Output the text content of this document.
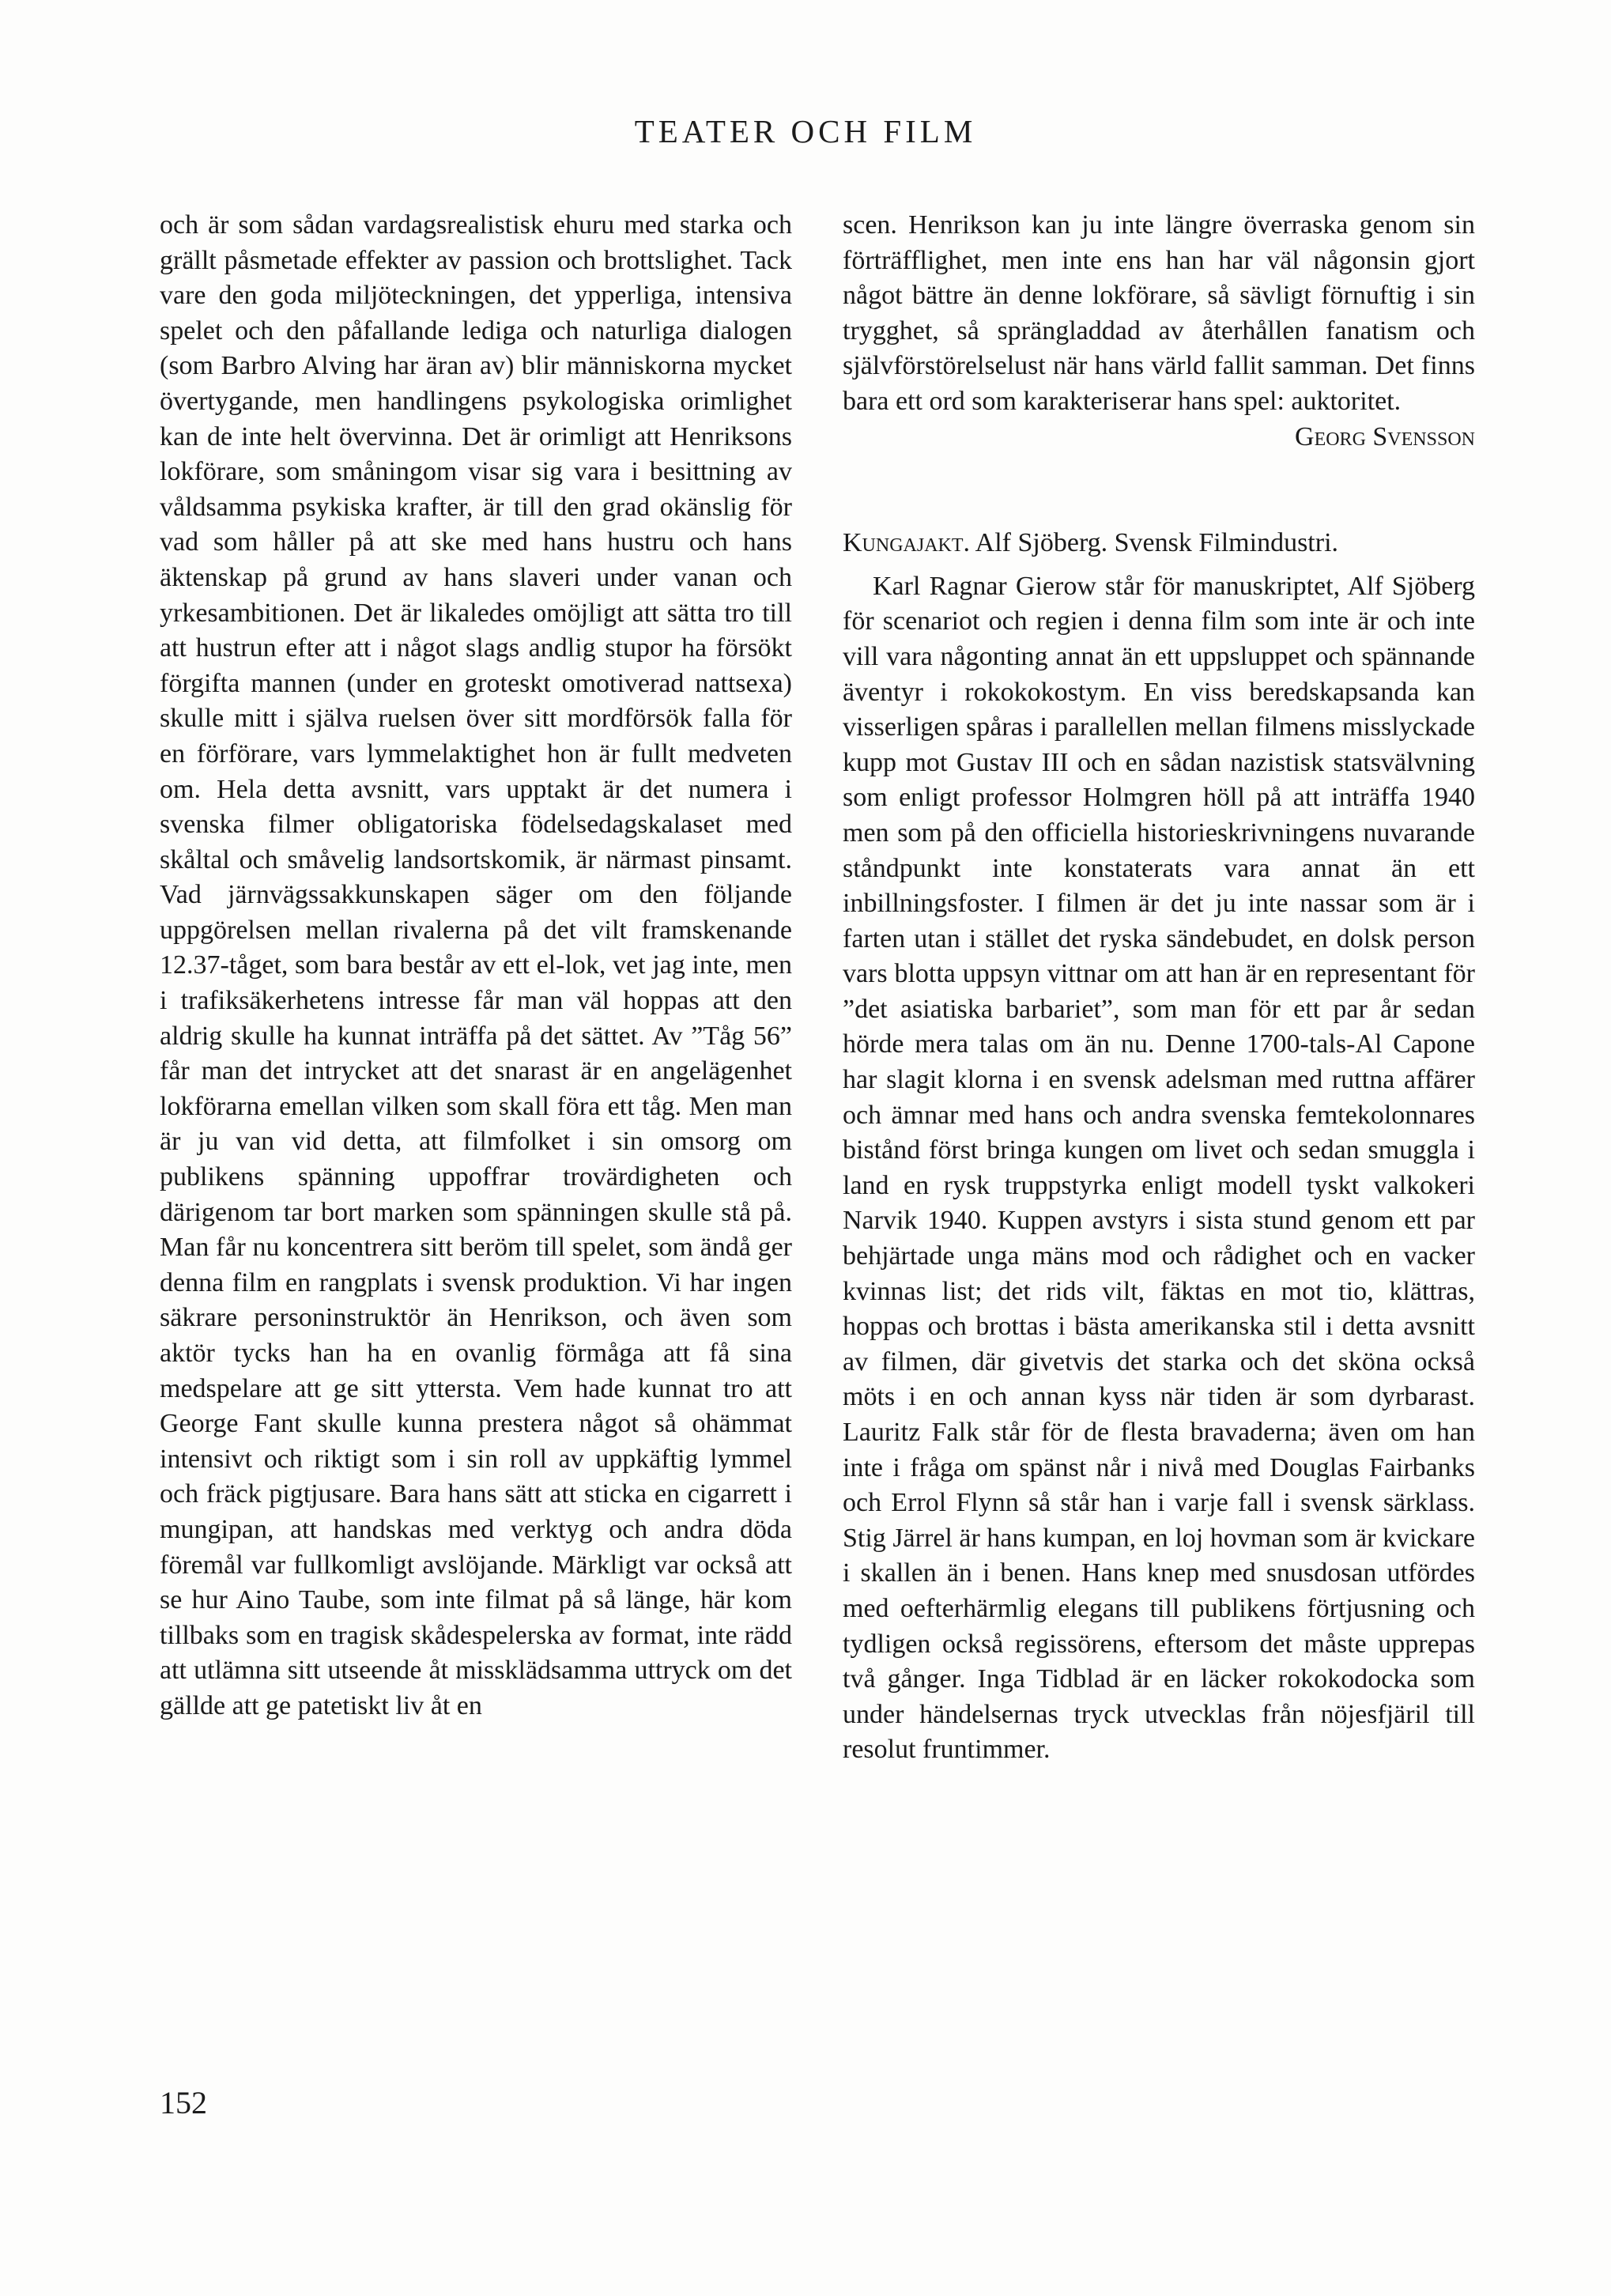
TEATER OCH FILM

och är som sådan vardagsrealistisk ehuru med starka och grällt påsmetade effekter av passion och brottslighet. Tack vare den goda miljöteckningen, det ypperliga, intensiva spelet och den påfallande lediga och naturliga dialogen (som Barbro Alving har äran av) blir människorna mycket övertygande, men handlingens psykologiska orimlighet kan de inte helt övervinna. Det är orimligt att Henriksons lokförare, som småningom visar sig vara i besittning av våldsamma psykiska krafter, är till den grad okänslig för vad som håller på att ske med hans hustru och hans äktenskap på grund av hans slaveri under vanan och yrkesambitionen. Det är likaledes omöjligt att sätta tro till att hustrun efter att i något slags andlig stupor ha försökt förgifta mannen (under en groteskt omotiverad nattsexa) skulle mitt i själva ruelsen över sitt mordförsök falla för en förförare, vars lymmelaktighet hon är fullt medveten om. Hela detta avsnitt, vars upptakt är det numera i svenska filmer obligatoriska födelsedagskalaset med skåltal och småvelig landsortskomik, är närmast pinsamt. Vad järnvägssakkunskapen säger om den följande uppgörelsen mellan rivalerna på det vilt framskenande 12.37-tåget, som bara består av ett el-lok, vet jag inte, men i trafiksäkerhetens intresse får man väl hoppas att den aldrig skulle ha kunnat inträffa på det sättet. Av ”Tåg 56” får man det intrycket att det snarast är en angelägenhet lokförarna emellan vilken som skall föra ett tåg. Men man är ju van vid detta, att filmfolket i sin omsorg om publikens spänning uppoffrar trovärdigheten och därigenom tar bort marken som spänningen skulle stå på. Man får nu koncentrera sitt beröm till spelet, som ändå ger denna film en rangplats i svensk produktion. Vi har ingen säkrare personinstruktör än Henrikson, och även som aktör tycks han ha en ovanlig förmåga att få sina medspelare att ge sitt yttersta. Vem hade kunnat tro att George Fant skulle kunna prestera något så ohämmat intensivt och riktigt som i sin roll av uppkäftig lymmel och fräck pigtjusare. Bara hans sätt att sticka en cigarrett i mungipan, att handskas med verktyg och andra döda föremål var fullkomligt avslöjande. Märkligt var också att se hur Aino Taube, som inte filmat på så länge, här kom tillbaks som en tragisk skådespelerska av format, inte rädd att utlämna sitt utseende åt missklädsamma uttryck om det gällde att ge patetiskt liv åt en

scen. Henrikson kan ju inte längre överraska genom sin förträfflighet, men inte ens han har väl någonsin gjort något bättre än denne lokförare, så sävligt förnuftig i sin trygghet, så sprängladdad av återhållen fanatism och självförstörelselust när hans värld fallit samman. Det finns bara ett ord som karakteriserar hans spel: auktoritet.

Georg Svensson

Kungajakt. Alf Sjöberg. Svensk Filmindustri.

Karl Ragnar Gierow står för manuskriptet, Alf Sjöberg för scenariot och regien i denna film som inte är och inte vill vara någonting annat än ett uppsluppet och spännande äventyr i rokokokostym. En viss beredskapsanda kan visserligen spåras i parallellen mellan filmens misslyckade kupp mot Gustav III och en sådan nazistisk statsvälvning som enligt professor Holmgren höll på att inträffa 1940 men som på den officiella historieskrivningens nuvarande ståndpunkt inte konstaterats vara annat än ett inbillningsfoster. I filmen är det ju inte nassar som är i farten utan i stället det ryska sändebudet, en dolsk person vars blotta uppsyn vittnar om att han är en representant för ”det asiatiska barbariet”, som man för ett par år sedan hörde mera talas om än nu. Denne 1700-tals-Al Capone har slagit klorna i en svensk adelsman med ruttna affärer och ämnar med hans och andra svenska femtekolonnares bistånd först bringa kungen om livet och sedan smuggla i land en rysk truppstyrka enligt modell tyskt valkokeri Narvik 1940. Kuppen avstyrs i sista stund genom ett par behjärtade unga mäns mod och rådighet och en vacker kvinnas list; det rids vilt, fäktas en mot tio, klättras, hoppas och brottas i bästa amerikanska stil i detta avsnitt av filmen, där givetvis det starka och det sköna också möts i en och annan kyss när tiden är som dyrbarast. Lauritz Falk står för de flesta bravaderna; även om han inte i fråga om spänst når i nivå med Douglas Fairbanks och Errol Flynn så står han i varje fall i svensk särklass. Stig Järrel är hans kumpan, en loj hovman som är kvickare i skallen än i benen. Hans knep med snusdosan utfördes med oefterhärmlig elegans till publikens förtjusning och tydligen också regissörens, eftersom det måste upprepas två gånger. Inga Tidblad är en läcker rokokodocka som under händelsernas tryck utvecklas från nöjesfjäril till resolut fruntimmer.

152
